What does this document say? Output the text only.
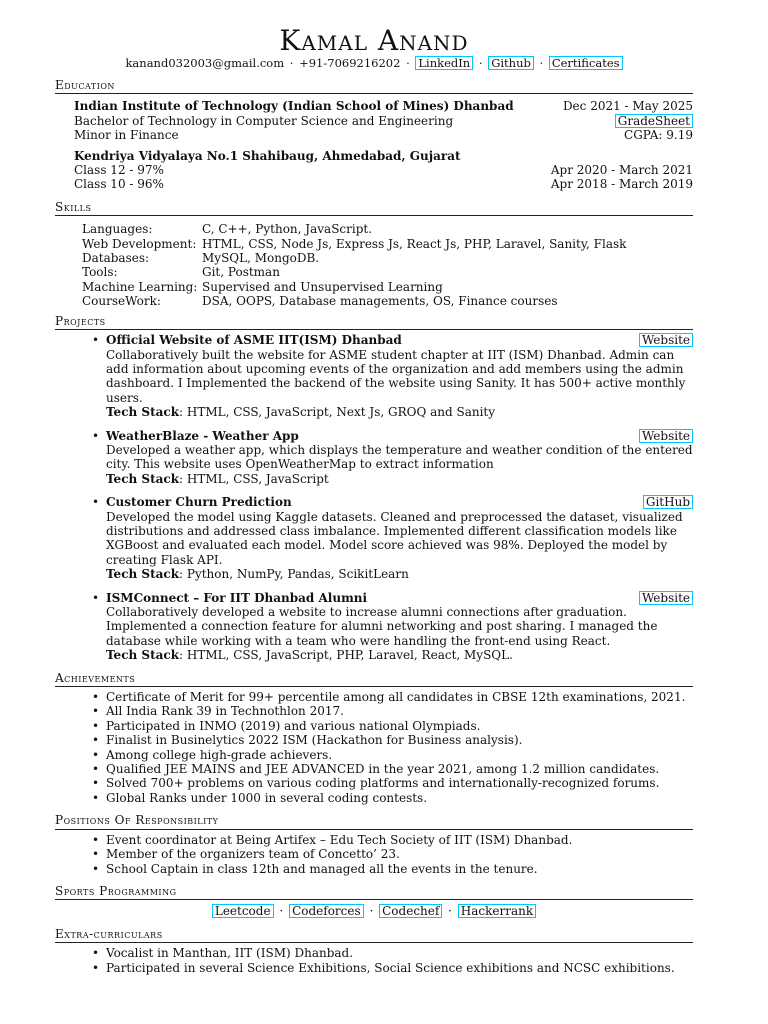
Kamal Anand
kanand032003@gmail.com · +91-7069216202 · LinkedIn · Github · Certificates
Education
Indian Institute of Technology (Indian School of Mines) Dhanbad	Dec 2021 - May 2025
Bachelor of Technology in Computer Science and Engineering	GradeSheet
Minor in Finance	CGPA: 9.19
Kendriya Vidyalaya No.1 Shahibaug, Ahmedabad, Gujarat
Class 12 - 97%	Apr 2020 - March 2021
Class 10 - 96%	Apr 2018 - March 2019
Skills
Languages:	C, C++, Python, JavaScript.
Web Development: HTML, CSS, Node Js, Express Js, React Js, PHP, Laravel, Sanity, Flask
Databases:	MySQL, MongoDB.
Tools:	Git, Postman
Machine Learning: Supervised and Unsupervised Learning
CourseWork:	DSA, OOPS, Database managements, OS, Finance courses
Projects
• Official Website of ASME IIT(ISM) Dhanbad	Website
Collaboratively built the website for ASME student chapter at IIT (ISM) Dhanbad. Admin can add information about upcoming events of the organization and add members using the admin dashboard. I Implemented the backend of the website using Sanity. It has 500+ active monthly users.
Tech Stack: HTML, CSS, JavaScript, Next Js, GROQ and Sanity
• WeatherBlaze - Weather App	Website
Developed a weather app, which displays the temperature and weather condition of the entered city. This website uses OpenWeatherMap to extract information
Tech Stack: HTML, CSS, JavaScript
• Customer Churn Prediction	GitHub
Developed the model using Kaggle datasets. Cleaned and preprocessed the dataset, visualized distributions and addressed class imbalance. Implemented different classification models like XGBoost and evaluated each model. Model score achieved was 98%. Deployed the model by creating Flask API.
Tech Stack: Python, NumPy, Pandas, ScikitLearn
• ISMConnect – For IIT Dhanbad Alumni	Website
Collaboratively developed a website to increase alumni connections after graduation. Implemented a connection feature for alumni networking and post sharing. I managed the database while working with a team who were handling the front-end using React.
Tech Stack: HTML, CSS, JavaScript, PHP, Laravel, React, MySQL.
Achievements
• Certificate of Merit for 99+ percentile among all candidates in CBSE 12th examinations, 2021.
• All India Rank 39 in Technothlon 2017.
• Participated in INMO (2019) and various national Olympiads.
• Finalist in Businelytics 2022 ISM (Hackathon for Business analysis).
• Among college high-grade achievers.
• Qualified JEE MAINS and JEE ADVANCED in the year 2021, among 1.2 million candidates.
• Solved 700+ problems on various coding platforms and internationally-recognized forums.
• Global Ranks under 1000 in several coding contests.
Positions Of Responsibility
• Event coordinator at Being Artifex – Edu Tech Society of IIT (ISM) Dhanbad.
• Member of the organizers team of Concetto’ 23.
• School Captain in class 12th and managed all the events in the tenure.
Sports Programming
Leetcode · Codeforces · Codechef · Hackerrank
Extra-curriculars
• Vocalist in Manthan, IIT (ISM) Dhanbad.
• Participated in several Science Exhibitions, Social Science exhibitions and NCSC exhibitions.
